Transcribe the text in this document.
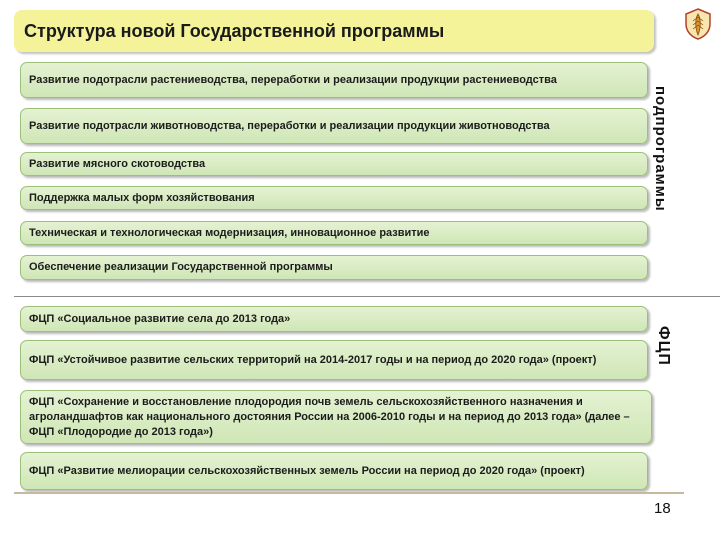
Структура новой Государственной программы
Развитие подотрасли растениеводства, переработки и реализации продукции растениеводства
Развитие подотрасли животноводства, переработки и реализации продукции животноводства
Развитие мясного скотоводства
Поддержка малых форм хозяйствования
Техническая и технологическая модернизация, инновационное развитие
Обеспечение реализации Государственной программы
подпрограммы
ФЦП «Социальное развитие села до 2013 года»
ФЦП «Устойчивое развитие сельских территорий на 2014-2017 годы и на период до 2020 года» (проект)
ФЦП «Сохранение и восстановление плодородия почв земель сельскохозяйственного назначения и агроландшафтов как национального достояния России на 2006-2010 годы и на период до 2013 года» (далее – ФЦП «Плодородие до 2013 года»)
ФЦП «Развитие мелиорации сельскохозяйственных земель России на период до 2020 года» (проект)
ФЦП
18
